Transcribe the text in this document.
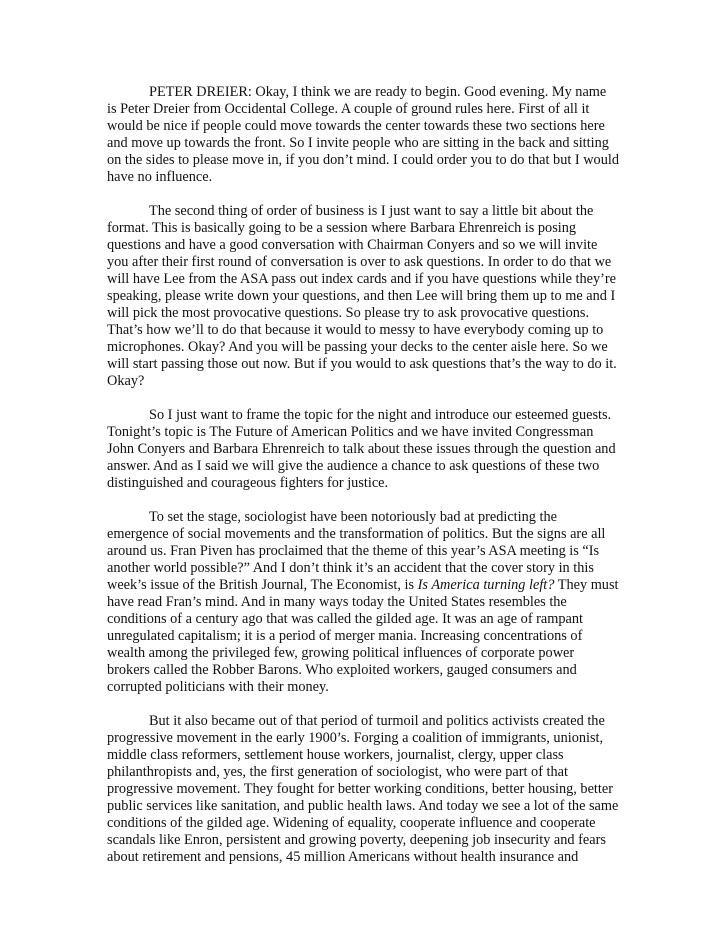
PETER DREIER: Okay, I think we are ready to begin. Good evening. My name is Peter Dreier from Occidental College. A couple of ground rules here. First of all it would be nice if people could move towards the center towards these two sections here and move up towards the front. So I invite people who are sitting in the back and sitting on the sides to please move in, if you don’t mind. I could order you to do that but I would have no influence.

The second thing of order of business is I just want to say a little bit about the format. This is basically going to be a session where Barbara Ehrenreich is posing questions and have a good conversation with Chairman Conyers and so we will invite you after their first round of conversation is over to ask questions. In order to do that we will have Lee from the ASA pass out index cards and if you have questions while they’re speaking, please write down your questions, and then Lee will bring them up to me and I will pick the most provocative questions. So please try to ask provocative questions. That’s how we’ll to do that because it would to messy to have everybody coming up to microphones. Okay? And you will be passing your decks to the center aisle here. So we will start passing those out now. But if you would to ask questions that’s the way to do it. Okay?

So I just want to frame the topic for the night and introduce our esteemed guests. Tonight’s topic is The Future of American Politics and we have invited Congressman John Conyers and Barbara Ehrenreich to talk about these issues through the question and answer. And as I said we will give the audience a chance to ask questions of these two distinguished and courageous fighters for justice.

To set the stage, sociologist have been notoriously bad at predicting the emergence of social movements and the transformation of politics. But the signs are all around us. Fran Piven has proclaimed that the theme of this year’s ASA meeting is “Is another world possible?” And I don’t think it’s an accident that the cover story in this week’s issue of the British Journal, The Economist, is Is America turning left? They must have read Fran’s mind. And in many ways today the United States resembles the conditions of a century ago that was called the gilded age. It was an age of rampant unregulated capitalism; it is a period of merger mania. Increasing concentrations of wealth among the privileged few, growing political influences of corporate power brokers called the Robber Barons. Who exploited workers, gauged consumers and corrupted politicians with their money.

But it also became out of that period of turmoil and politics activists created the progressive movement in the early 1900’s. Forging a coalition of immigrants, unionist, middle class reformers, settlement house workers, journalist, clergy, upper class philanthropists and, yes, the first generation of sociologist, who were part of that progressive movement. They fought for better working conditions, better housing, better public services like sanitation, and public health laws. And today we see a lot of the same conditions of the gilded age. Widening of equality, cooperate influence and cooperate scandals like Enron, persistent and growing poverty, deepening job insecurity and fears about retirement and pensions, 45 million Americans without health insurance and
